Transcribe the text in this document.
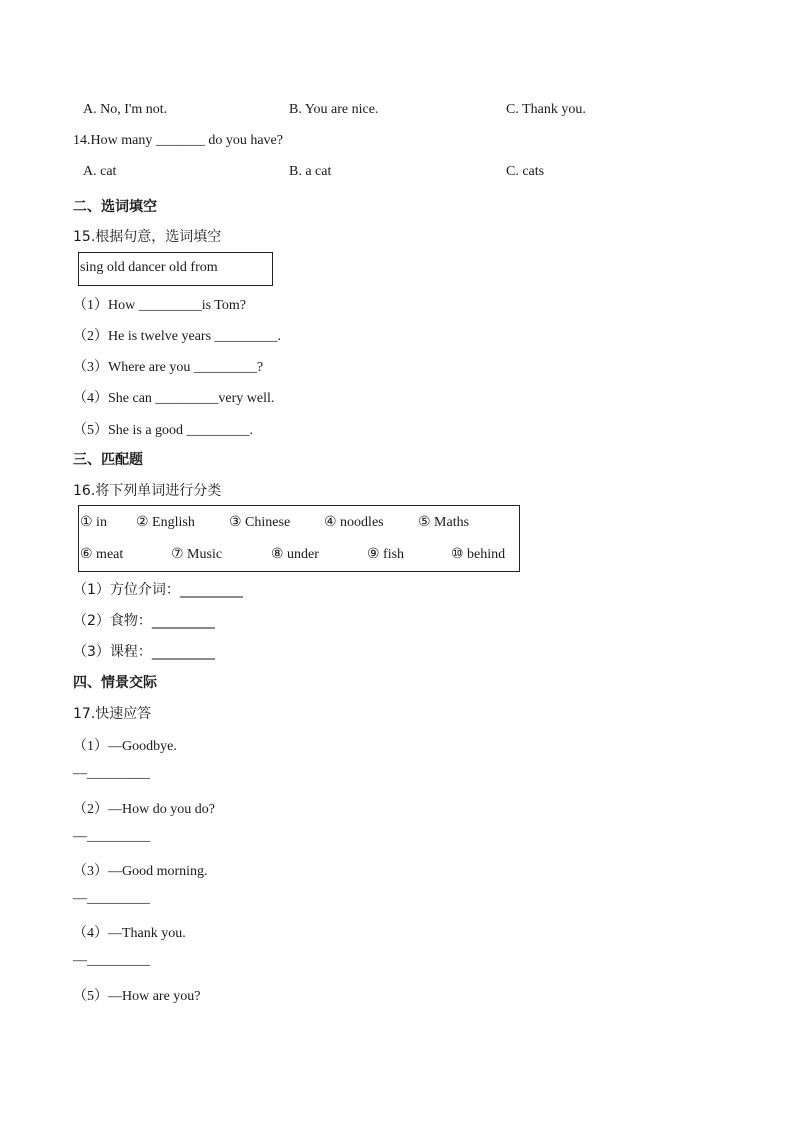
A. No, I'm not.	B. You are nice.	C. Thank you.
14.How many _______ do you have?
A. cat	B. a cat	C. cats
二、选词填空
15.根据句意，选词填空
sing old dancer old from
（1）How _________is Tom?
（2）He is twelve years _________.
（3）Where are you _________?
（4）She can _________very well.
（5）She is a good _________.
三、匹配题
16.将下列单词进行分类
① in ② English ③ Chinese ④ noodles ⑤ Maths
⑥ meat	⑦ Music	⑧ under	⑨ fish	⑩ behind
（1）方位介词：_________
（2）食物：_________
（3）课程：_________
四、情景交际
17.快速应答
（1）—Goodbye.
—_________
（2）—How do you do?
—_________
（3）—Good morning.
—_________
（4）—Thank you.
—_________
（5）—How are you?
